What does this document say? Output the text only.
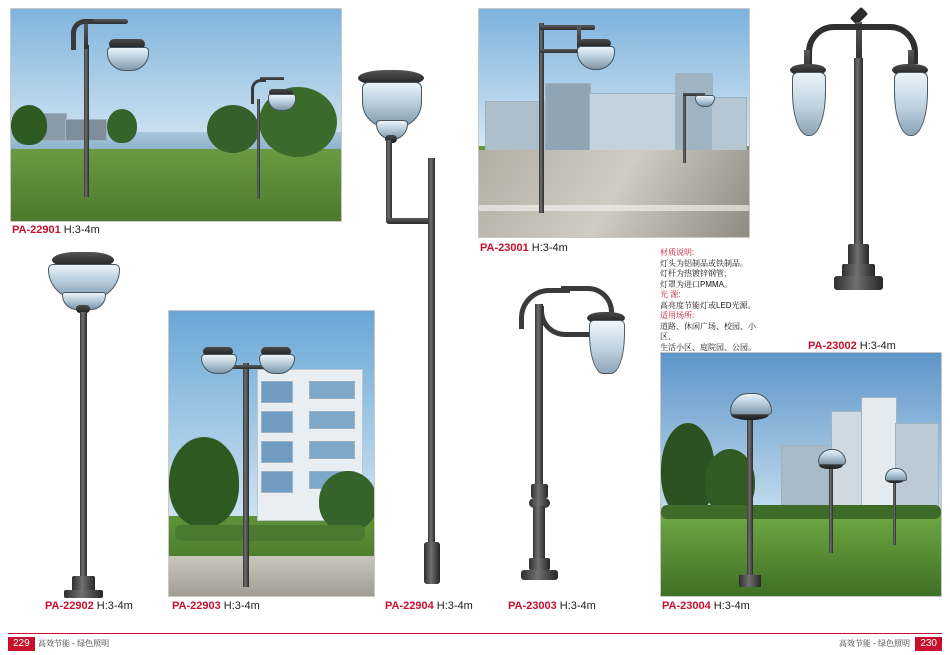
PA-22901 H:3-4m
PA-22902 H:3-4m	PA-22903 H:3-4m	PA-22904 H:3-4m
PA-23001 H:3-4m	材质说明:

灯头为铝制品或铁制品。

灯杆为热镀锌钢管;

灯罩为进口PMMA。

光 源:

高亮度节能灯或LED光源。

适用场所:

道路、休闲广场、校园、小区、

生活小区、庭院园、公园。	PA-23002 H:3-4m
PA-23003 H:3-4m	PA-23004 H:3-4m
229	高效节能 - 绿色照明	230
高效节能 - 绿色照明
